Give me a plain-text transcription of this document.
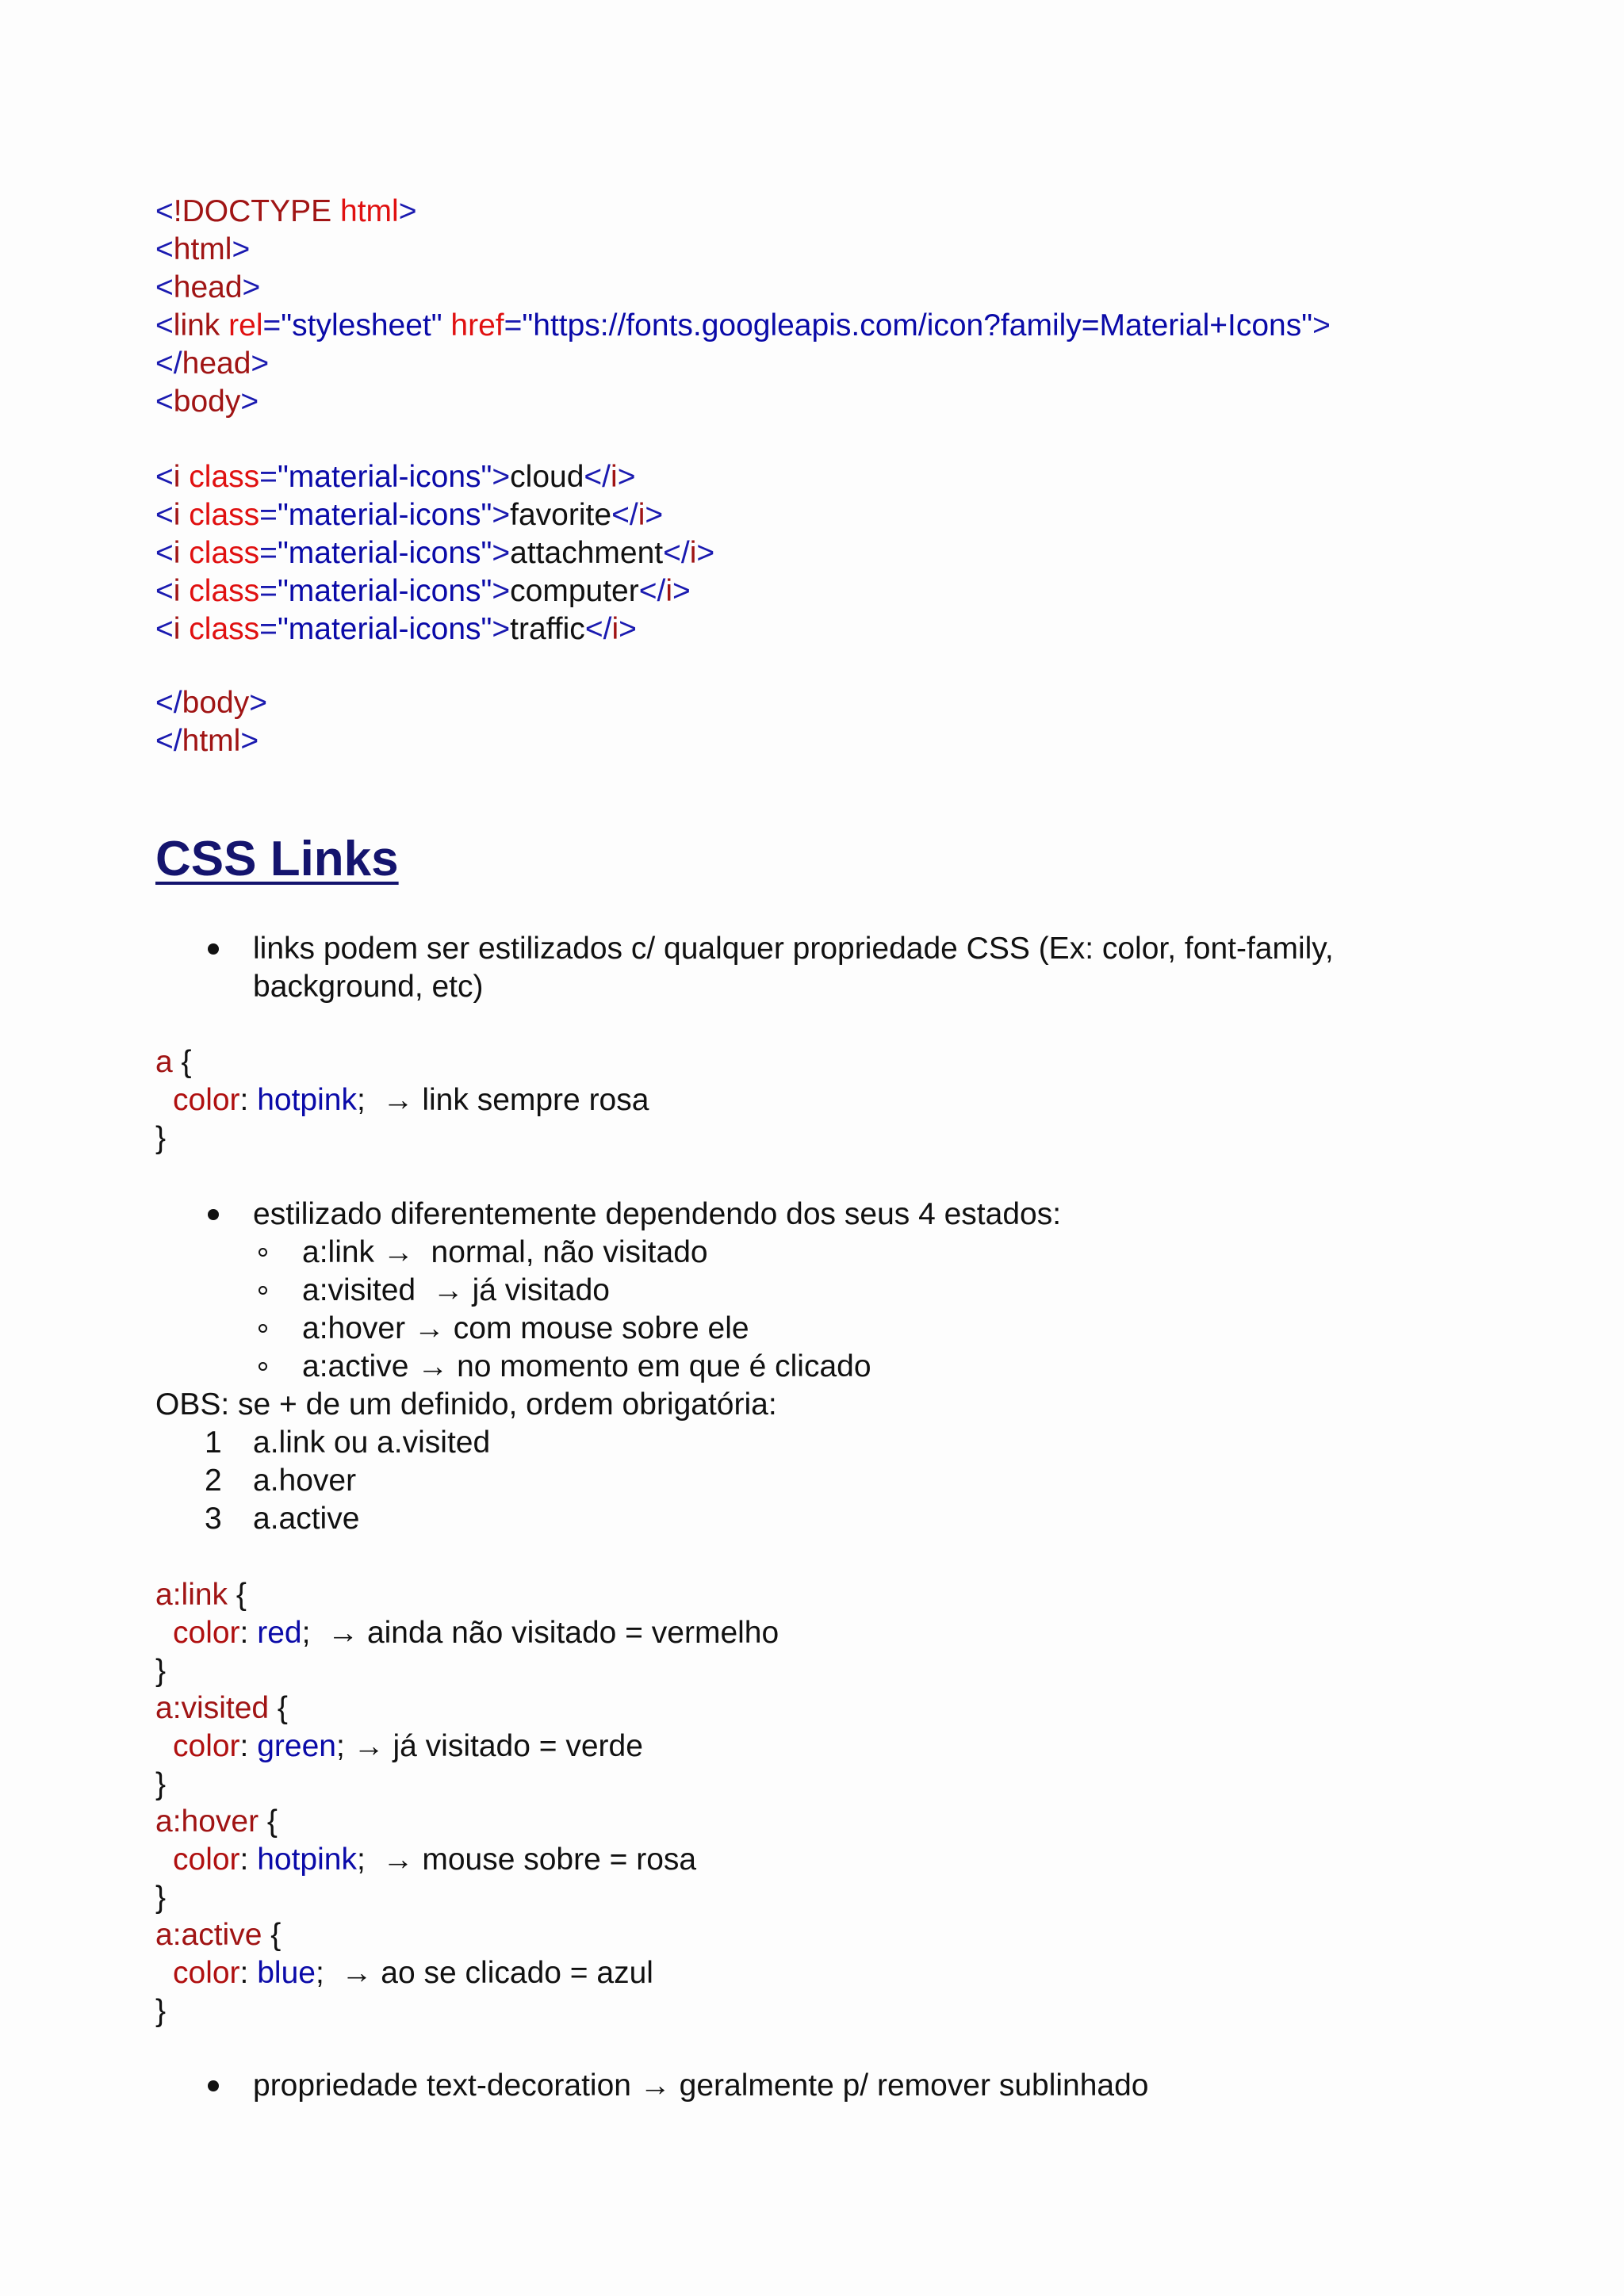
<!DOCTYPE html>
<html>
<head>
<link rel="stylesheet" href="https://fonts.googleapis.com/icon?family=Material+Icons">
</head>
<body>
<i class="material-icons">cloud</i>
<i class="material-icons">favorite</i>
<i class="material-icons">attachment</i>
<i class="material-icons">computer</i>
<i class="material-icons">traffic</i>
</body>
</html>
CSS Links
links podem ser estilizados c/ qualquer propriedade CSS (Ex: color, font-family,
background, etc)
a {
color: hotpink;  → link sempre rosa
}
estilizado diferentemente dependendo dos seus 4 estados:
a:link →  normal, não visitado
a:visited  → já visitado
a:hover → com mouse sobre ele
a:active → no momento em que é clicado
OBS: se + de um definido, ordem obrigatória:
1 a.link ou a.visited
2 a.hover
3 a.active
a:link {
color: red;  → ainda não visitado = vermelho
}
a:visited {
color: green; → já visitado = verde
}
a:hover {
color: hotpink;  → mouse sobre = rosa
}
a:active {
color: blue;  → ao se clicado = azul
}
propriedade text-decoration → geralmente p/ remover sublinhado
